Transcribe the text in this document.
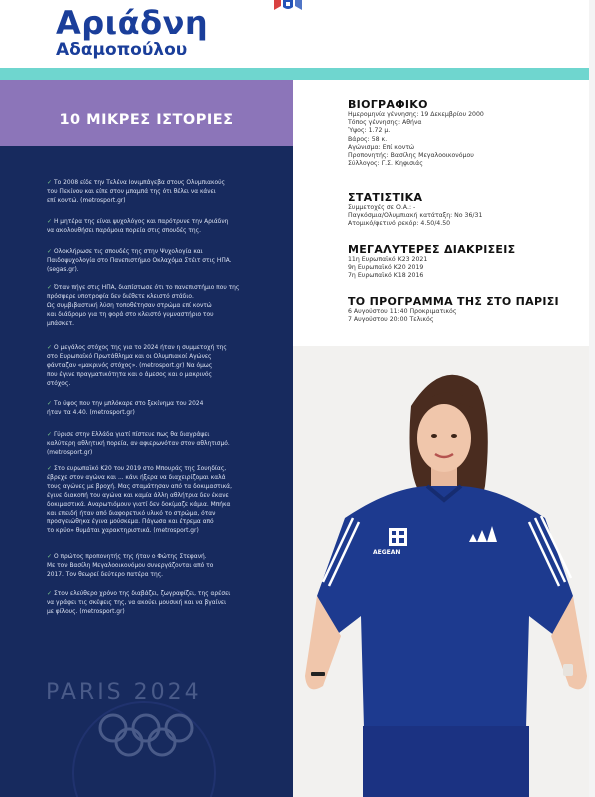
Αριάδνη
Αδαμοπούλου
10 ΜΙΚΡΕΣ ΙΣΤΟΡΙΕΣ
✓ Το 2008 είδε την Τελένα Ιονιμπάγεβα στους Ολυμπιακούς
του Πεκίνου και είπε στον μπαμπά της ότι θέλει να κάνει
επί κοντώ. (metrosport.gr)
✓ Η μητέρα της είναι ψυχολόγος και παρότρυνε την Αριάδνη
να ακολουθήσει παρόμοια πορεία στις σπουδές της.
✓ Ολοκλήρωσε τις σπουδές της στην Ψυχολογία και
Παιδοψυχολογία στο Πανεπιστήμιο Οκλαχόμα Στέιτ στις ΗΠΑ.
(segas.gr).
✓ Όταν πήγε στις ΗΠΑ, διαπίστωσε ότι το πανεπιστήμιο που της
πρόσφερε υποτροφία δεν διέθετε κλειστό στάδιο.
Ως συμβιβαστική λύση τοποθέτησαν στρώμα επί κοντώ
και διάδρομο για τη φορά στο κλειστό γυμναστήριο του
μπάσκετ.
✓ Ο μεγάλος στόχος της για το 2024 ήταν η συμμετοχή της
στο Ευρωπαϊκό Πρωτάθλημα και οι Ολυμπιακοί Αγώνες
φάνταζαν «μακρινός στόχος». (metrosport.gr) Να όμως
που έγινε πραγματικότητα και ο άμεσος και ο μακρινός
στόχος.
✓ Το ύψος που την μπλόκαρε στο ξεκίνημα του 2024
ήταν τα 4.40. (metrosport.gr)
✓ Γύρισε στην Ελλάδα γιατί πίστευε πως θα διαγράψει
καλύτερη αθλητική πορεία, αν αφιερωνόταν στον αθλητισμό.
(metrosport.gr)
✓ Στο ευρωπαϊκό Κ20 του 2019 στο Μπουράς της Σουηδίας,
έβρεχε στον αγώνα και ... κάνι ήξερα να διαχειρίζομαι καλά
τους αγώνες με βροχή. Μας σταμάτησαν από τα δοκιμαστικά,
έγινε διακοπή του αγώνα και καμία άλλη αθλήτρια δεν έκανε
δοκιμαστικά. Αναρωτιόμουν γιατί δεν δοκίμαζε κάμια. Μπήκα
και επειδή ήταν από διαφορετικό υλικό το στρώμα, όταν
προσγειώθηκα έγινα μούσκεμα. Πάγωσα και έτρεμα από
το κρύο» θυμάται χαρακτηριστικά. (metrosport.gr)
✓ Ο πρώτος προπονητής της ήταν ο Φώτης Στεφανή.
Με τον Βασίλη Μεγαλοοικονόμου συνεργάζονται από το
2017. Τον θεωρεί δεύτερο πατέρα της.
✓ Στον ελεύθερο χρόνο της διαβάζει, ζωγραφίζει, της αρέσει
να γράφει τις σκέψεις της, να ακούει μουσική και να βγαίνει
με φίλους. (metrosport.gr)
PARIS 2024
ΒΙΟΓΡΑΦΙΚΟ
Ημερομηνία γέννησης: 19 Δεκεμβρίου 2000
Τόπος γέννησης: Αθήνα
Ύψος: 1.72 μ.
Βάρος: 58 κ.
Αγώνισμα: Επί κοντώ
Προπονητής: Βασίλης Μεγαλοοικονόμου
Σύλλογος: Γ.Σ. Κηφισιάς
ΣΤΑΤΙΣΤΙΚΑ
Συμμετοχές σε Ο.Α.: -
Παγκόσμια/Ολυμπιακή κατάταξη: Νο 36/31
Ατομικό/φετινό ρεκόρ: 4.50/4.50
ΜΕΓΑΛΥΤΕΡΕΣ ΔΙΑΚΡΙΣΕΙΣ
11η Ευρωπαϊκό Κ23 2021
9η Ευρωπαϊκό Κ20 2019
7η Ευρωπαϊκό Κ18 2016
ΤΟ ΠΡΟΓΡΑΜΜΑ ΤΗΣ ΣΤΟ ΠΑΡΙΣΙ
6 Αυγούστου 11:40 Προκριματικός
7 Αυγούστου 20:00 Τελικός
AEGEAN
